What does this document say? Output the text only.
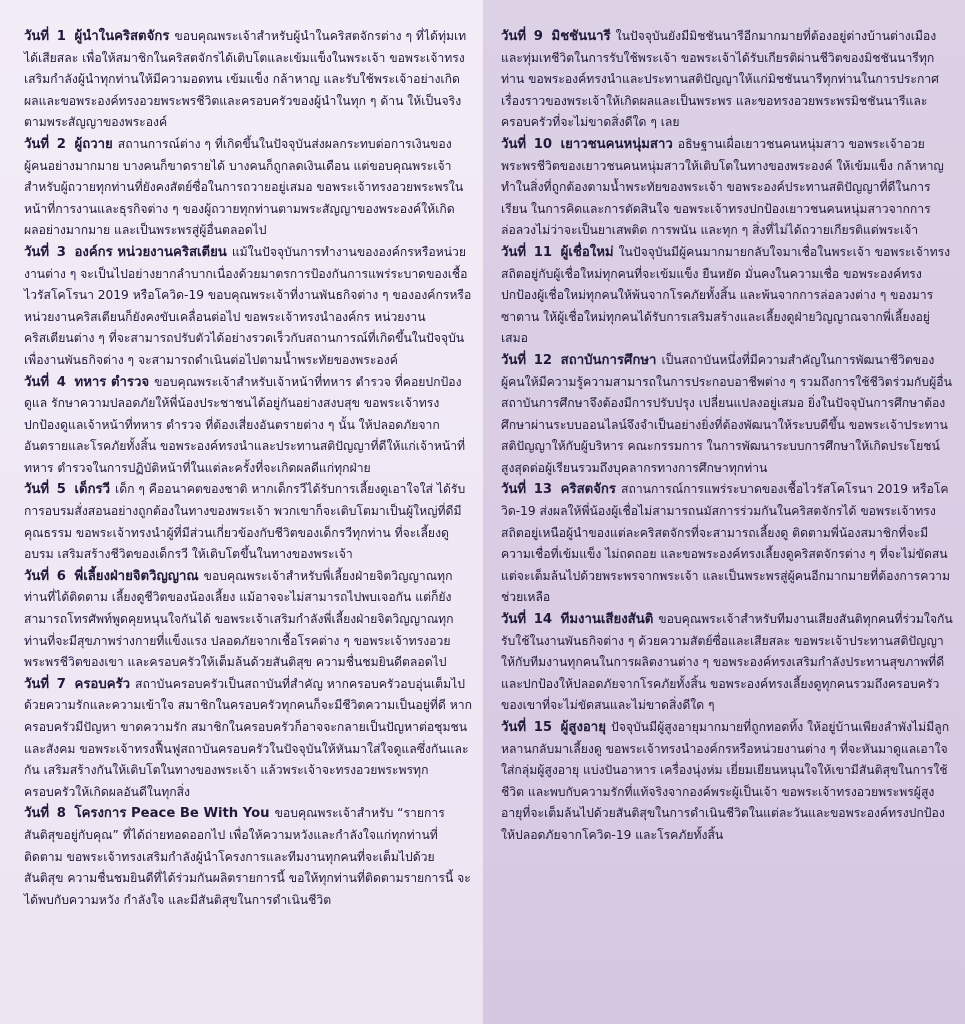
วันที่ 1 ผู้นำในคริสตจักร ขอบคุณพระเจ้าสำหรับผู้นำในคริสตจักรต่าง ๆ ที่ได้ทุ่มเทได้เสียสละ เพื่อให้สมาชิกในคริสตจักรได้เติบโตและเข้มแข็งในพระเจ้า ขอพระเจ้าทรงเสริมกำลังผู้นำทุกท่านให้มีความอดทน เข้มแข็ง กล้าหาญ และรับใช้พระเจ้าอย่างเกิดผลและขอพระองค์ทรงอวยพระพรชีวิตและครอบครัวของผู้นำในทุก ๆ ด้าน ให้เป็นจริงตามพระสัญญาของพระองค์

วันที่ 2 ผู้ถวาย สถานการณ์ต่าง ๆ ที่เกิดขึ้นในปัจจุบันส่งผลกระทบต่อการเงินของผู้คนอย่างมากมาย บางคนก็ขาดรายได้ บางคนก็ถูกลดเงินเดือน แต่ขอบคุณพระเจ้าสำหรับผู้ถวายทุกท่านที่ยังคงสัตย์ซื่อในการถวายอยู่เสมอ ขอพระเจ้าทรงอวยพระพรในหน้าที่การงานและธุรกิจต่าง ๆ ของผู้ถวายทุกท่านตามพระสัญญาของพระองค์ให้เกิดผลอย่างมากมาย และเป็นพระพรสู่ผู้อื่นตลอดไป

วันที่ 3 องค์กร หน่วยงานคริสเตียน แม้ในปัจจุบันการทำงานขององค์กรหรือหน่วยงานต่าง ๆ จะเป็นไปอย่างยากลำบากเนื่องด้วยมาตรการป้องกันการแพร่ระบาดของเชื้อไวรัสโคโรนา 2019 หรือโควิด-19 ขอบคุณพระเจ้าที่งานพันธกิจต่าง ๆ ขององค์กรหรือหน่วยงานคริสเตียนก็ยังคงขับเคลื่อนต่อไป ขอพระเจ้าทรงนำองค์กร หน่วยงานคริสเตียนต่าง ๆ ที่จะสามารถปรับตัวได้อย่างรวดเร็วกับสถานการณ์ที่เกิดขึ้นในปัจจุบันเพื่องานพันธกิจต่าง ๆ จะสามารถดำเนินต่อไปตามน้ำพระทัยของพระองค์

วันที่ 4 ทหาร ตำรวจ ขอบคุณพระเจ้าสำหรับเจ้าหน้าที่ทหาร ตำรวจ ที่คอยปกป้องดูแล รักษาความปลอดภัยให้พี่น้องประชาชนได้อยู่กันอย่างสงบสุข ขอพระเจ้าทรงปกป้องดูแลเจ้าหน้าที่ทหาร ตำรวจ ที่ต้องเสี่ยงอันตรายต่าง ๆ นั้น ให้ปลอดภัยจากอันตรายและโรคภัยทั้งสิ้น ขอพระองค์ทรงนำและประทานสติปัญญาที่ดีให้แก่เจ้าหน้าที่ทหาร ตำรวจในการปฏิบัติหน้าที่ในแต่ละครั้งที่จะเกิดผลดีแก่ทุกฝ่าย

วันที่ 5 เด็กรวี เด็ก ๆ คืออนาคตของชาติ หากเด็กรวีได้รับการเลี้ยงดูเอาใจใส่ ได้รับการอบรมสั่งสอนอย่างถูกต้องในทางของพระเจ้า พวกเขาก็จะเติบโตมาเป็นผู้ใหญ่ที่ดีมีคุณธรรม ขอพระเจ้าทรงนำผู้ที่มีส่วนเกี่ยวข้องกับชีวิตของเด็กรวีทุกท่าน ที่จะเลี้ยงดูอบรม เสริมสร้างชีวิตของเด็กรวี ให้เติบโตขึ้นในทางของพระเจ้า

วันที่ 6 พี่เลี้ยงฝ่ายจิตวิญญาณ ขอบคุณพระเจ้าสำหรับพี่เลี้ยงฝ่ายจิตวิญญาณทุกท่านที่ได้ติดตาม เลี้ยงดูชีวิตของน้องเลี้ยง แม้อาจจะไม่สามารถไปพบเจอกัน แต่ก็ยังสามารถโทรศัพท์พูดคุยหนุนใจกันได้ ขอพระเจ้าเสริมกำลังพี่เลี้ยงฝ่ายจิตวิญญาณทุกท่านที่จะมีสุขภาพร่างกายที่แข็งแรง ปลอดภัยจากเชื้อโรคต่าง ๆ ขอพระเจ้าทรงอวยพระพรชีวิตของเขา และครอบครัวให้เต็มล้นด้วยสันติสุข ความชื่นชมยินดีตลอดไป

วันที่ 7 ครอบครัว สถาบันครอบครัวเป็นสถาบันที่สำคัญ หากครอบครัวอบอุ่นเต็มไปด้วยความรักและความเข้าใจ สมาชิกในครอบครัวทุกคนก็จะมีชีวิตความเป็นอยู่ที่ดี หากครอบครัวมีปัญหา ขาดความรัก สมาชิกในครอบครัวก็อาจจะกลายเป็นปัญหาต่อชุมชนและสังคม ขอพระเจ้าทรงฟื้นฟูสถาบันครอบครัวในปัจจุบันให้หันมาใส่ใจดูแลซึ่งกันและกัน เสริมสร้างกันให้เติบโตในทางของพระเจ้า แล้วพระเจ้าจะทรงอวยพระพรทุกครอบครัวให้เกิดผลอันดีในทุกสิ่ง

วันที่ 8 โครงการ Peace Be With You ขอบคุณพระเจ้าสำหรับ “รายการสันติสุขอยู่กับคุณ” ที่ได้ถ่ายทอดออกไป เพื่อให้ความหวังและกำลังใจแก่ทุกท่านที่ติดตาม ขอพระเจ้าทรงเสริมกำลังผู้นำโครงการและทีมงานทุกคนที่จะเต็มไปด้วยสันติสุข ความชื่นชมยินดีที่ได้ร่วมกันผลิตรายการนี้ ขอให้ทุกท่านที่ติดตามรายการนี้ จะได้พบกับความหวัง กำลังใจ และมีสันติสุขในการดำเนินชีวิต

วันที่ 9 มิชชันนารี ในปัจจุบันยังมีมิชชันนารีอีกมากมายที่ต้องอยู่ต่างบ้านต่างเมืองและทุ่มเทชีวิตในการรับใช้พระเจ้า ขอพระเจ้าได้รับเกียรติผ่านชีวิตของมิชชันนารีทุกท่าน ขอพระองค์ทรงนำและประทานสติปัญญาให้แก่มิชชันนารีทุกท่านในการประกาศเรื่องราวของพระเจ้าให้เกิดผลและเป็นพระพร และขอทรงอวยพระพรมิชชันนารีและครอบครัวที่จะไม่ขาดสิ่งดีใด ๆ เลย

วันที่ 10 เยาวชนคนหนุ่มสาว อธิษฐานเผื่อเยาวชนคนหนุ่มสาว ขอพระเจ้าอวยพระพรชีวิตของเยาวชนคนหนุ่มสาวให้เติบโตในทางของพระองค์ ให้เข้มแข็ง กล้าหาญทำในสิ่งที่ถูกต้องตามน้ำพระทัยของพระเจ้า ขอพระองค์ประทานสติปัญญาที่ดีในการเรียน ในการคิดและการตัดสินใจ ขอพระเจ้าทรงปกป้องเยาวชนคนหนุ่มสาวจากการล่อลวงไม่ว่าจะเป็นยาเสพติด การพนัน และทุก ๆ สิ่งที่ไม่ได้ถวายเกียรติแด่พระเจ้า

วันที่ 11 ผู้เชื่อใหม่ ในปัจจุบันมีผู้คนมากมายกลับใจมาเชื่อในพระเจ้า ขอพระเจ้าทรงสถิตอยู่กับผู้เชื่อใหม่ทุกคนที่จะเข้มแข็ง ยืนหยัด มั่นคงในความเชื่อ ขอพระองค์ทรงปกป้องผู้เชื่อใหม่ทุกคนให้พ้นจากโรคภัยทั้งสิ้น และพ้นจากการล่อลวงต่าง ๆ ของมารซาตาน ให้ผู้เชื่อใหม่ทุกคนได้รับการเสริมสร้างและเลี้ยงดูฝ่ายวิญญาณจากพี่เลี้ยงอยู่เสมอ

วันที่ 12 สถาบันการศึกษา เป็นสถาบันหนึ่งที่มีความสำคัญในการพัฒนาชีวิตของผู้คนให้มีความรู้ความสามารถในการประกอบอาชีพต่าง ๆ รวมถึงการใช้ชีวิตร่วมกับผู้อื่น สถาบันการศึกษาจึงต้องมีการปรับปรุง เปลี่ยนแปลงอยู่เสมอ ยิ่งในปัจจุบันการศึกษาต้องศึกษาผ่านระบบออนไลน์จึงจำเป็นอย่างยิ่งที่ต้องพัฒนาให้ระบบดีขึ้น ขอพระเจ้าประทานสติปัญญาให้กับผู้บริหาร คณะกรรมการ ในการพัฒนาระบบการศึกษาให้เกิดประโยชน์สูงสุดต่อผู้เรียนรวมถึงบุคลากรทางการศึกษาทุกท่าน

วันที่ 13 คริสตจักร สถานการณ์การแพร่ระบาดของเชื้อไวรัสโคโรนา 2019 หรือโควิด-19 ส่งผลให้พี่น้องผู้เชื่อไม่สามารถนมัสการร่วมกันในคริสตจักรได้ ขอพระเจ้าทรงสถิตอยู่เหนือผู้นำของแต่ละคริสตจักรที่จะสามารถเลี้ยงดู ติดตามพี่น้องสมาชิกที่จะมีความเชื่อที่เข้มแข็ง ไม่ถดถอย และขอพระองค์ทรงเลี้ยงดูคริสตจักรต่าง ๆ ที่จะไม่ขัดสน แต่จะเต็มล้นไปด้วยพระพรจากพระเจ้า และเป็นพระพรสู่ผู้คนอีกมากมายที่ต้องการความช่วยเหลือ

วันที่ 14 ทีมงานเสียงสันติ ขอบคุณพระเจ้าสำหรับทีมงานเสียงสันติทุกคนที่ร่วมใจกันรับใช้ในงานพันธกิจต่าง ๆ ด้วยความสัตย์ซื่อและเสียสละ ขอพระเจ้าประทานสติปัญญาให้กับทีมงานทุกคนในการผลิตงานต่าง ๆ ขอพระองค์ทรงเสริมกำลังประทานสุขภาพที่ดีและปกป้องให้ปลอดภัยจากโรคภัยทั้งสิ้น ขอพระองค์ทรงเลี้ยงดูทุกคนรวมถึงครอบครัวของเขาที่จะไม่ขัดสนและไม่ขาดสิ่งดีใด ๆ

วันที่ 15 ผู้สูงอายุ ปัจจุบันมีผู้สูงอายุมากมายที่ถูกทอดทิ้ง ให้อยู่บ้านเพียงลำพังไม่มีลูกหลานกลับมาเลี้ยงดู ขอพระเจ้าทรงนำองค์กรหรือหน่วยงานต่าง ๆ ที่จะหันมาดูแลเอาใจใส่กลุ่มผู้สูงอายุ แบ่งปันอาหาร เครื่องนุ่งห่ม เยี่ยมเยียนหนุนใจให้เขามีสันติสุขในการใช้ชีวิต และพบกับความรักที่แท้จริงจากองค์พระผู้เป็นเจ้า ขอพระเจ้าทรงอวยพระพรผู้สูงอายุที่จะเต็มล้นไปด้วยสันติสุขในการดำเนินชีวิตในแต่ละวันและขอพระองค์ทรงปกป้องให้ปลอดภัยจากโควิด-19 และโรคภัยทั้งสิ้น
